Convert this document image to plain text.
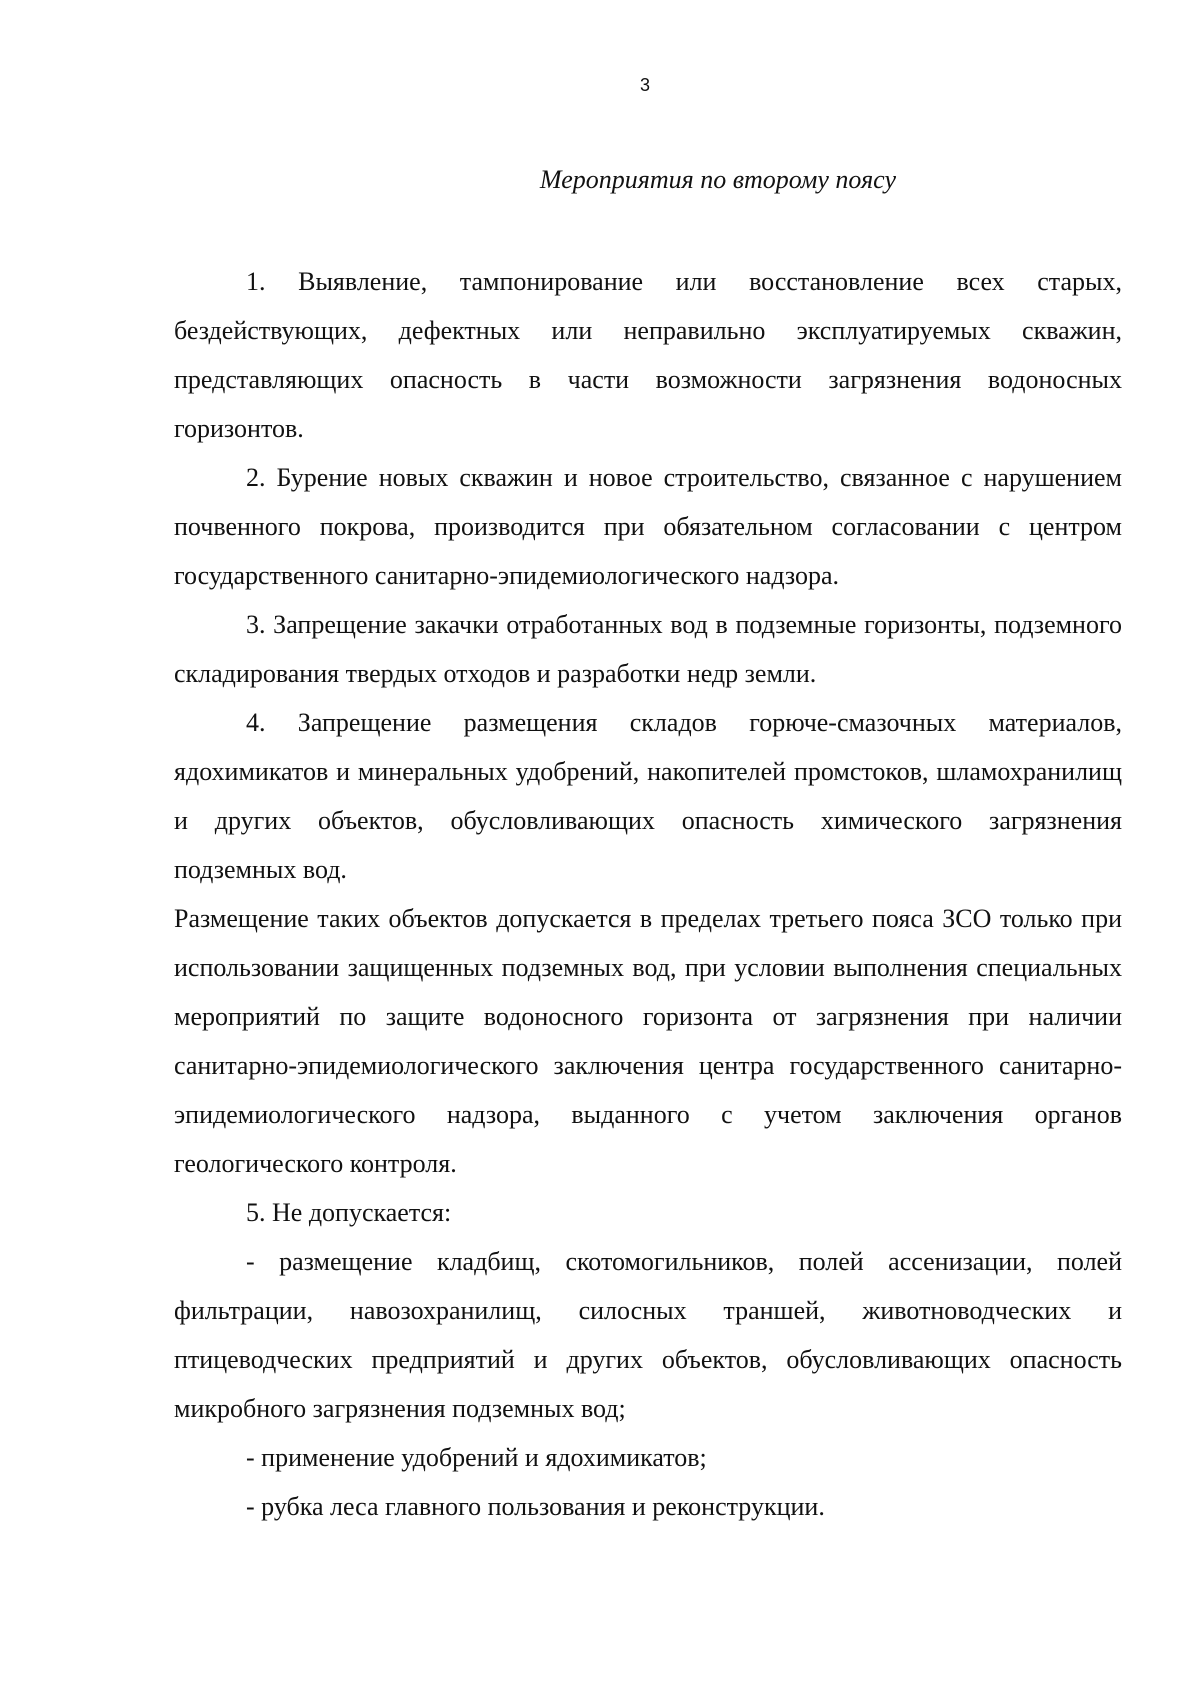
3
Мероприятия по второму поясу

1. Выявление, тампонирование или восстановление всех старых, бездействующих, дефектных или неправильно эксплуатируемых скважин, представляющих опасность в части возможности загрязнения водоносных горизонтов.

2. Бурение новых скважин и новое строительство, связанное с нарушением почвенного покрова, производится при обязательном согласовании с центром государственного санитарно-эпидемиологического надзора.

3. Запрещение закачки отработанных вод в подземные горизонты, подземного складирования твердых отходов и разработки недр земли.

4. Запрещение размещения складов горюче-смазочных материалов, ядохимикатов и минеральных удобрений, накопителей промстоков, шламохранилищ и других объектов, обусловливающих опасность химического загрязнения подземных вод.

Размещение таких объектов допускается в пределах третьего пояса ЗСО только при использовании защищенных подземных вод, при условии выполнения специальных мероприятий по защите водоносного горизонта от загрязнения при наличии санитарно-эпидемиологического заключения центра государственного санитарно-эпидемиологического надзора, выданного с учетом заключения органов геологического контроля.

5. Не допускается:

- размещение кладбищ, скотомогильников, полей ассенизации, полей фильтрации, навозохранилищ, силосных траншей, животноводческих и птицеводческих предприятий и других объектов, обусловливающих опасность микробного загрязнения подземных вод;

- применение удобрений и ядохимикатов;

- рубка леса главного пользования и реконструкции.
